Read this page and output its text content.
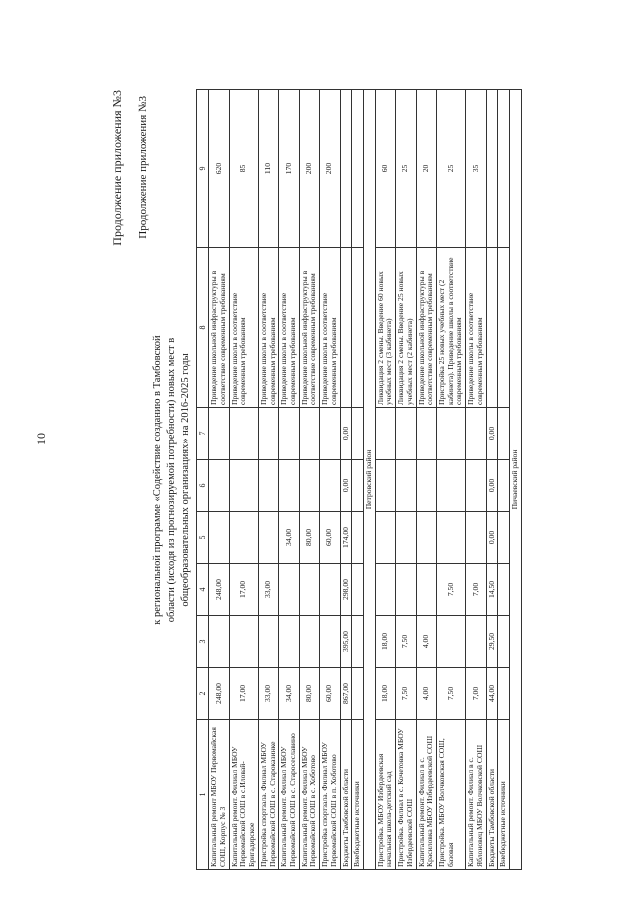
10
Продолжение приложения №3 Продолжение приложения №3
к региональной программе «Содействие созданию в Тамбовской области (исходя из прогнозируемой потребности) новых мест в общеобразовательных организациях» на 2016-2025 годы
1	2	3	4	5	6	7	8	9
Капитальный ремонт МБОУ Первомайская СОШ, Корпус № 3	248,00		248,00				Приведение школьной инфраструктуры в соответствие современным требованиям	620
Капитальный ремонт. Филиал МБОУ Первомайской СОШ в с.Иловай-Бригадирское	17,00		17,00				Приведение школы в соответствие современным требованиям	85
Пристройка спортзала. Филиал МБОУ Первомайской СОШ в с. Староказинке	33,00		33,00				Приведение школы в соответствие современным требованиям	110
Капитальный ремонт. Филиал МБОУ Первомайской СОШ в с. Старосеславино	34,00			34,00			Приведение школы в соответствие современным требованиям	170
Капитальный ремонт. Филиал МБОУ Первомайской СОШ в с. Хоботово	80,00			80,00			Приведение школьной инфраструктуры в соответствие современным требованиям	200
Пристройка спортзала. Филиал МБОУ Первомайской СОШ в п. Хоботово	60,00			60,00			Приведение школы в соответствие современным требованиям	200
Бюджеты Тамбовской области	867,00	395,00	298,00	174,00	0,00	0,00		
Внебюджетные источники								
Петровский район								
Пристройка. МБОУ Избердеевская начальная школа-детский сад	18,00	18,00					Ликвидация 2 смены. Введение 60 новых учебных мест (3 кабинета)	60
Пристройка. Филиал в с. Кочетовка МБОУ Избердеевской СОШ	7,50	7,50					Ликвидация 2 смены. Введение 25 новых учебных мест (2 кабинета)	25
Капитальный ремонт. Филиал в с. Красиловка МБОУ Избердеевской СОШ	4,00	4,00					Приведение школьной инфраструктуры в соответствие современным требованиям	20
Пристройка. МБОУ Волчковская СОШ, базовая	7,50		7,50				Пристройка 25 новых учебных мест (2 кабинета). Приведение школы в соответствие современным требованиям	25
Капитальный ремонт. Филиал в с. Яблоновец МБОУ Волчковской СОШ	7,00		7,00				Приведение школы в соответствие современным требованиям	35
Бюджеты Тамбовской области	44,00	29,50	14,50	0,00	0,00	0,00		
Внебюджетные источники								
Пичаевский район								
